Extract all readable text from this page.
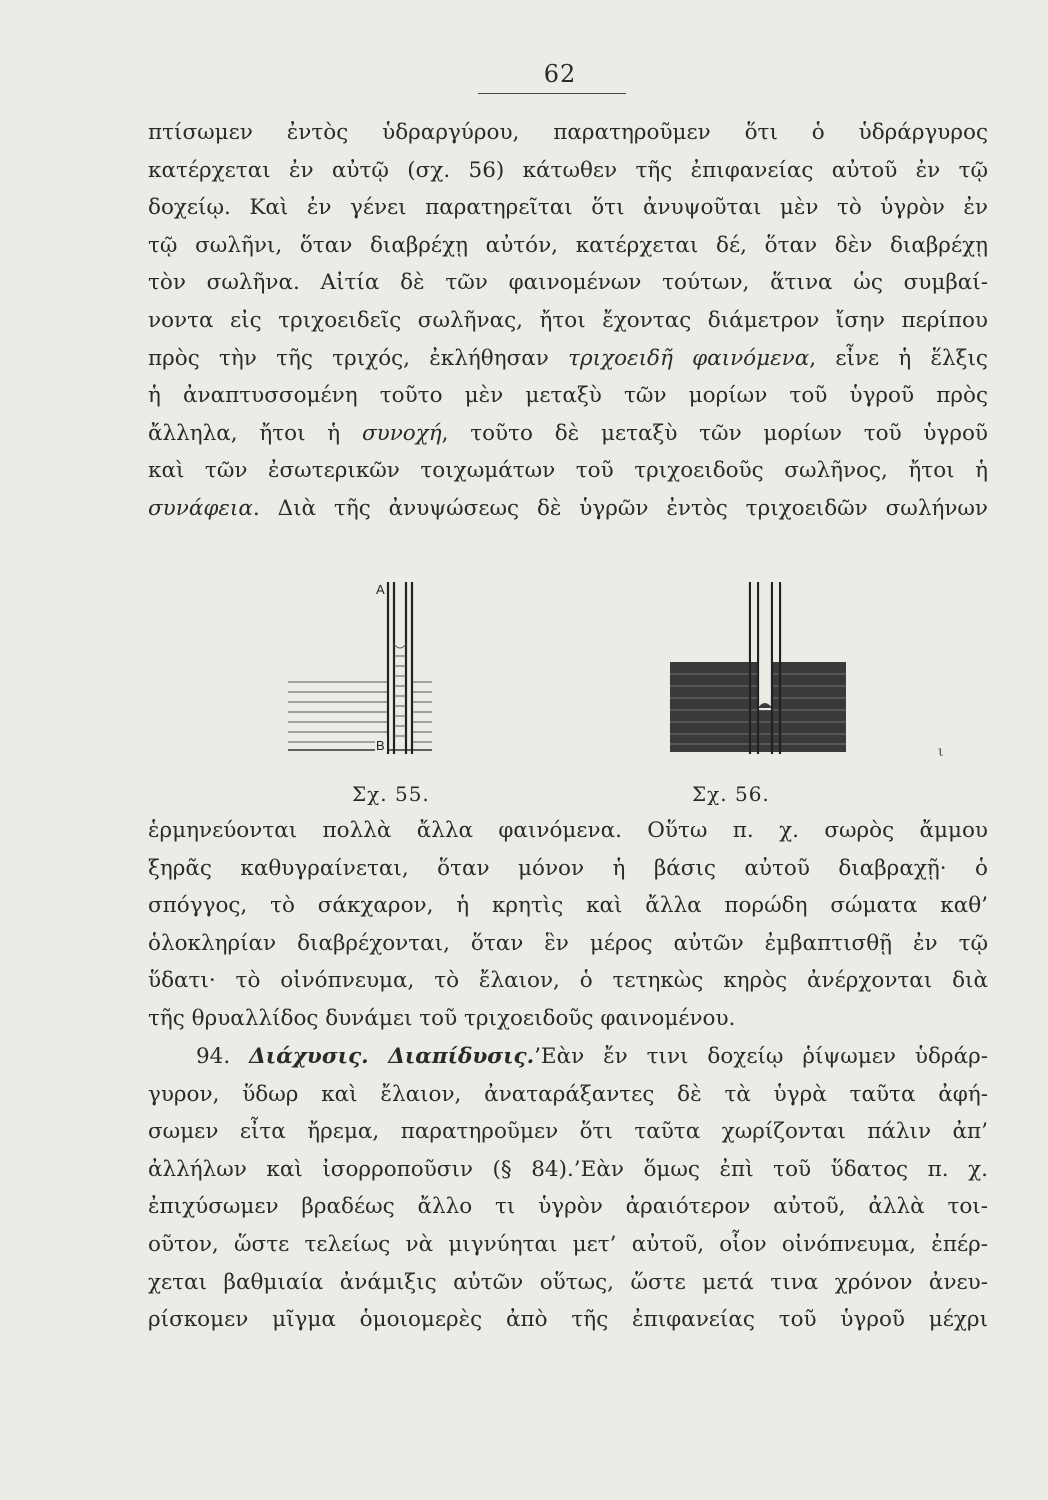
62
πτίσωμεν ἐντὸς ὑδραργύρου, παρατηροῦμεν ὅτι ὁ ὑδράργυρος
κατέρχεται ἐν αὐτῷ (σχ. 56) κάτωθεν τῆς ἐπιφανείας αὐτοῦ ἐν τῷ
δοχείῳ. Καὶ ἐν γένει παρατηρεῖται ὅτι ἀνυψοῦται μὲν τὸ ὑγρὸν ἐν
τῷ σωλῆνι, ὅταν διαβρέχῃ αὐτόν, κατέρχεται δέ, ὅταν δὲν διαβρέχῃ
τὸν σωλῆνα. Αἰτία δὲ τῶν φαινομένων τούτων, ἅτινα ὡς συμβαί-
νοντα εἰς τριχοειδεῖς σωλῆνας, ἤτοι ἔχοντας διάμετρον ἴσην περίπου
πρὸς τὴν τῆς τριχός, ἐκλήθησαν τριχοειδῆ φαινόμενα, εἶνε ἡ ἕλξις
ἡ ἀναπτυσσομένη τοῦτο μὲν μεταξὺ τῶν μορίων τοῦ ὑγροῦ πρὸς
ἄλληλα, ἤτοι ἡ συνοχή, τοῦτο δὲ μεταξὺ τῶν μορίων τοῦ ὑγροῦ
καὶ τῶν ἐσωτερικῶν τοιχωμάτων τοῦ τριχοειδοῦς σωλῆνος, ἤτοι ἡ
συνάφεια. Διὰ τῆς ἀνυψώσεως δὲ ὑγρῶν ἐντὸς τριχοειδῶν σωλήνων
A
B
Σχ. 55.	Σχ. 56.
ι
ἑρμηνεύονται πολλὰ ἄλλα φαινόμενα. Οὕτω π. χ. σωρὸς ἄμμου
ξηρᾶς καθυγραίνεται, ὅταν μόνον ἡ βάσις αὐτοῦ διαβραχῇ· ὁ
σπόγγος, τὸ σάκχαρον, ἡ κρητὶς καὶ ἄλλα πορώδη σώματα καθ’
ὁλοκληρίαν διαβρέχονται, ὅταν ἓν μέρος αὐτῶν ἐμβαπτισθῇ ἐν τῷ
ὕδατι· τὸ οἰνόπνευμα, τὸ ἔλαιον, ὁ τετηκὼς κηρὸς ἀνέρχονται διὰ
τῆς θρυαλλίδος δυνάμει τοῦ τριχοειδοῦς φαινομένου.
94. Διάχυσις. Διαπίδυσις.’Εὰν ἔν τινι δοχείῳ ῥίψωμεν ὑδράρ-
γυρον, ὕδωρ καὶ ἔλαιον, ἀναταράξαντες δὲ τὰ ὑγρὰ ταῦτα ἀφή-
σωμεν εἶτα ἤρεμα, παρατηροῦμεν ὅτι ταῦτα χωρίζονται πάλιν ἀπ’
ἀλλήλων καὶ ἰσορροποῦσιν (§ 84).’Εὰν ὅμως ἐπὶ τοῦ ὕδατος π. χ.
ἐπιχύσωμεν βραδέως ἄλλο τι ὑγρὸν ἀραιότερον αὐτοῦ, ἀλλὰ τοι-
οῦτον, ὥστε τελείως νὰ μιγνύηται μετ’ αὐτοῦ, οἷον οἰνόπνευμα, ἐπέρ-
χεται βαθμιαία ἀνάμιξις αὐτῶν οὕτως, ὥστε μετά τινα χρόνον ἀνευ-
ρίσκομεν μῖγμα ὁμοιομερὲς ἀπὸ τῆς ἐπιφανείας τοῦ ὑγροῦ μέχρι
